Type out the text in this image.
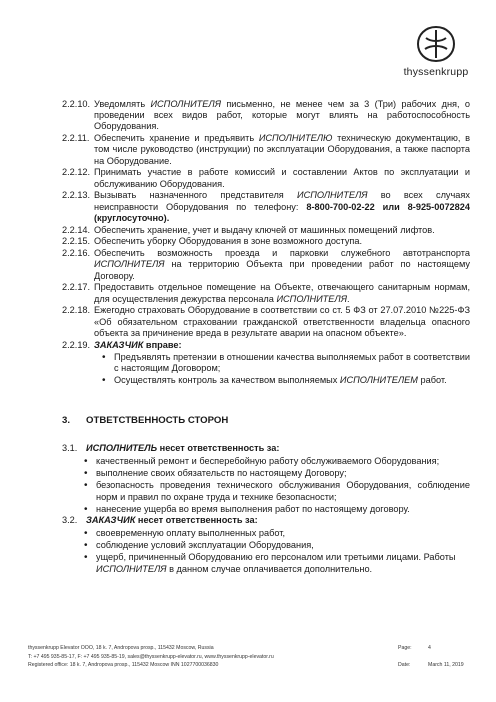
thyssenkrupp
2.2.10. Уведомлять ИСПОЛНИТЕЛЯ письменно, не менее чем за 3 (Три) рабочих дня, о проведении всех видов работ, которые могут влиять на работоспособность Оборудования.
2.2.11. Обеспечить хранение и предъявить ИСПОЛНИТЕЛЮ техническую документацию, в том числе руководство (инструкции) по эксплуатации Оборудования, а также паспорта на Оборудование.
2.2.12. Принимать участие в работе комиссий и составлении Актов по эксплуатации и обслуживанию Оборудования.
2.2.13. Вызывать назначенного представителя ИСПОЛНИТЕЛЯ во всех случаях неисправности Оборудования по телефону: 8-800-700-02-22 или 8-925-0072824 (круглосуточно).
2.2.14. Обеспечить хранение, учет и выдачу ключей от машинных помещений лифтов.
2.2.15. Обеспечить уборку Оборудования в зоне возможного доступа.
2.2.16. Обеспечить возможность проезда и парковки служебного автотранспорта ИСПОЛНИТЕЛЯ на территорию Объекта при проведении работ по настоящему Договору.
2.2.17. Предоставить отдельное помещение на Объекте, отвечающего санитарным нормам, для осуществления дежурства персонала ИСПОЛНИТЕЛЯ.
2.2.18. Ежегодно страховать Оборудование в соответствии со ст. 5 ФЗ от 27.07.2010 №225-ФЗ «Об обязательном страховании гражданской ответственности владельца опасного объекта за причинение вреда в результате аварии на опасном объекте».
2.2.19. ЗАКАЗЧИК вправе:
• Предъявлять претензии в отношении качества выполняемых работ в соответствии с настоящим Договором;
• Осуществлять контроль за качеством выполняемых ИСПОЛНИТЕЛЕМ работ.
3. ОТВЕТСТВЕННОСТЬ СТОРОН
3.1. ИСПОЛНИТЕЛЬ несет ответственность за:
• качественный ремонт и бесперебойную работу обслуживаемого Оборудования;
• выполнение своих обязательств по настоящему Договору;
• безопасность проведения технического обслуживания Оборудования, соблюдение норм и правил по охране труда и технике безопасности;
• нанесение ущерба во время выполнения работ по настоящему договору.
3.2. ЗАКАЗЧИК несет ответственность за:
• своевременную оплату выполненных работ,
• соблюдение условий эксплуатации Оборудования,
• ущерб, причиненный Оборудованию его персоналом или третьими лицами. Работы
ИСПОЛНИТЕЛЯ в данном случае оплачивается дополнительно.
thyssenkrupp Elevator OOO, 18 k. 7, Andropova prosp., 115432 Moscow, Russia	Page:	4
T: +7 495 935-85-17, F: +7 495 935-85-19, sales@thyssenkrupp-elevator.ru, www.thyssenkrupp-elevator.ru
Registered office: 18 k. 7, Andropova prosp., 115432 Moscow INN 1027700036830	Date:	March 11, 2019
